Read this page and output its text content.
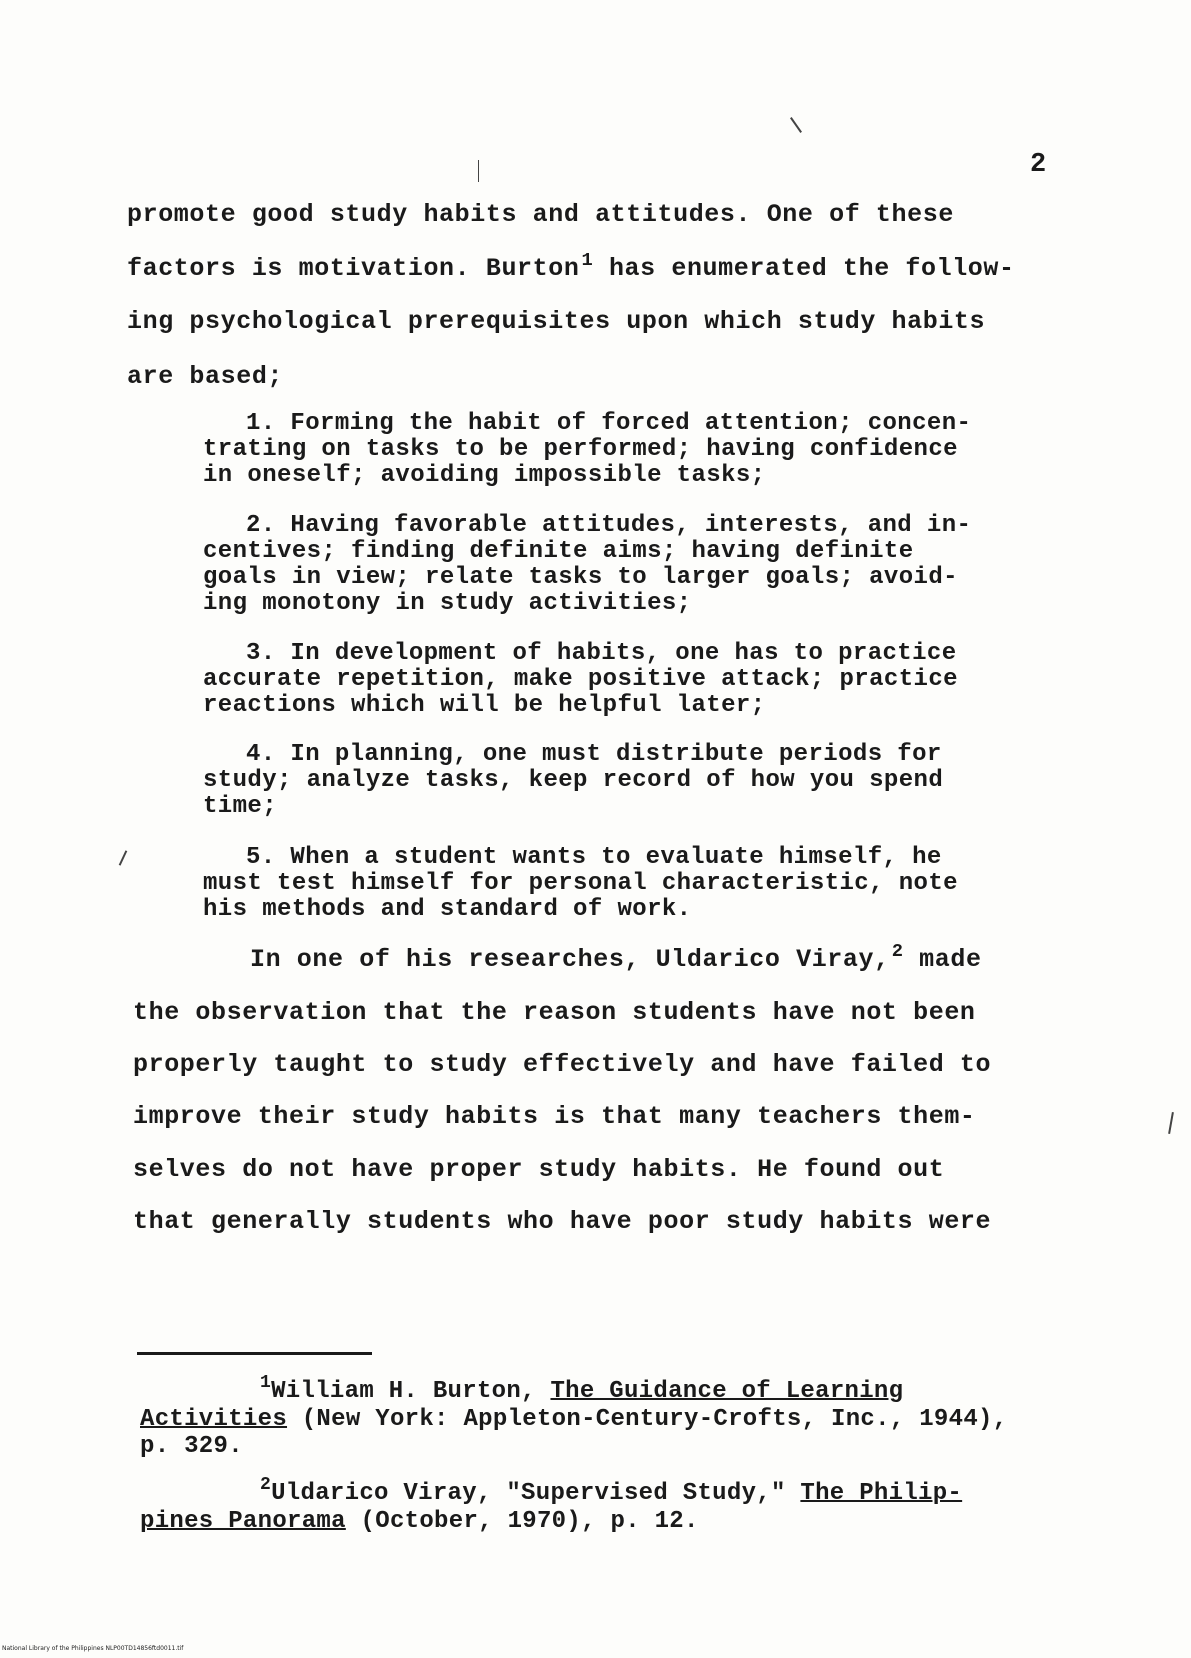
2
promote good study habits and attitudes. One of these
factors is motivation. Burton $^1$ has enumerated the follow-
ing psychological prerequisites upon which study habits
are based;
1. Forming the habit of forced attention; concen-
trating on tasks to be performed; having confidence
in oneself; avoiding impossible tasks;
2. Having favorable attitudes, interests, and in-
centives; finding definite aims; having definite
goals in view; relate tasks to larger goals; avoid-
ing monotony in study activities;
3. In development of habits, one has to practice
accurate repetition, make positive attack; practice
reactions which will be helpful later;
4. In planning, one must distribute periods for
study; analyze tasks, keep record of how you spend
time;
5. When a student wants to evaluate himself, he
must test himself for personal characteristic, note
his methods and standard of work.
In one of his researches, Uldarico Viray, $^2$ made
the observation that the reason students have not been
properly taught to study effectively and have failed to
improve their study habits is that many teachers them-
selves do not have proper study habits. He found out
that generally students who have poor study habits were
$^1$William H. Burton, The Guidance of Learning
Activities (New York: Appleton-Century-Crofts, Inc., 1944),
p. 329.
$^2$Uldarico Viray, "Supervised Study," The Philip-
pines Panorama (October, 1970), p. 12.
National Library of the Philippines NLP00TD14856ftd0011.tif
